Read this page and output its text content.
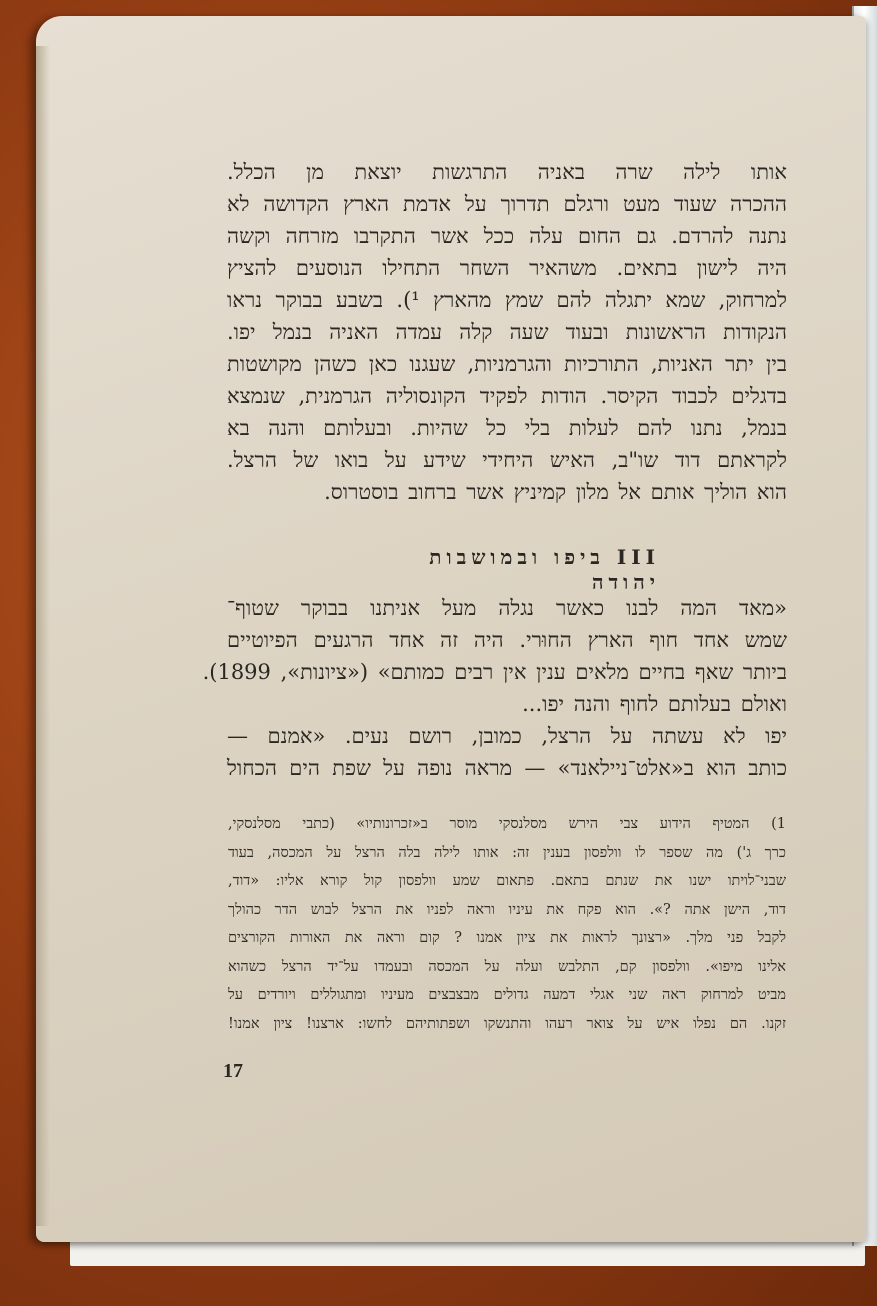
אותו לילה שרה באניה התרגשות יוצאת מן הכלל.
ההכרה שעוד מעט ורגלם תדרוך על אדמת הארץ הקדושה לא
נתנה להרדם. גם החום עלה ככל אשר התקרבו מזרחה וקשה
היה לישון בתאים. משהאיר השחר התחילו הנוסעים להציץ
למרחוק, שמא יתגלה להם שמץ מהארץ ¹). בשבע בבוקר נראו
הנקודות הראשונות ובעוד שעה קלה עמדה האניה בנמל יפו.
בין יתר האניות, התורכיות והגרמניות, שעגנו כאן כשהן מקושטות
בדגלים לכבוד הקיסר. הודות לפקיד הקונסוליה הגרמנית, שנמצא
בנמל, נתנו להם לעלות בלי כל שהיות. ובעלותם והנה בא
לקראתם דוד שו"ב, האיש היחידי שידע על בואו של הרצל.
הוא הוליך אותם אל מלון קמיניץ אשר ברחוב בוסטרוס.
III ביפו ובמושבות יהודה
«מאד המה לבנו כאשר נגלה מעל אניתנו בבוקר שטוף־
שמש אחד חוף הארץ החוּרי. היה זה אחד הרגעים הפיוטיים
ביותר שאף בחיים מלאים ענין אין רבים כמותם» («ציונות», 1899).
ואולם בעלותם לחוף והנה יפו...
יפו לא עשתה על הרצל, כמובן, רושם נעים. «אמנם —
כותב הוא ב«אלט־ניילאנד» — מראה נופה על שפת הים הכחול
1) המטיף הידוע צבי הירש מסלנסקי מוסר ב«זכרונותיו» (כתבי מסלנסקי,
כרך ג') מה שספר לו וולפסון בענין זה: אותו לילה בלה הרצל על המכסה, בעוד
שבני־לויתו ישנו את שנתם בתאם. פתאום שמע וולפסון קול קורא אליו: «דוד,
דוד, הישן אתה ?». הוא פקח את עיניו וראה לפניו את הרצל לבוש הדר כהולך
לקבל פני מלך. «רצונך לראות את ציון אמנו ? קום וראה את האורות הקורצים
אלינו מיפו». וולפסון קם, התלבש ועלה על המכסה ובעמדו על־יד הרצל כשהוא
מביט למרחוק ראה שני אגלי דמעה גדולים מבצבצים מעיניו ומתגוללים ויורדים על
זקנו. הם נפלו איש על צואר רעהו והתנשקו ושפתותיהם לחשו: ארצנו! ציון אמנו!
17
